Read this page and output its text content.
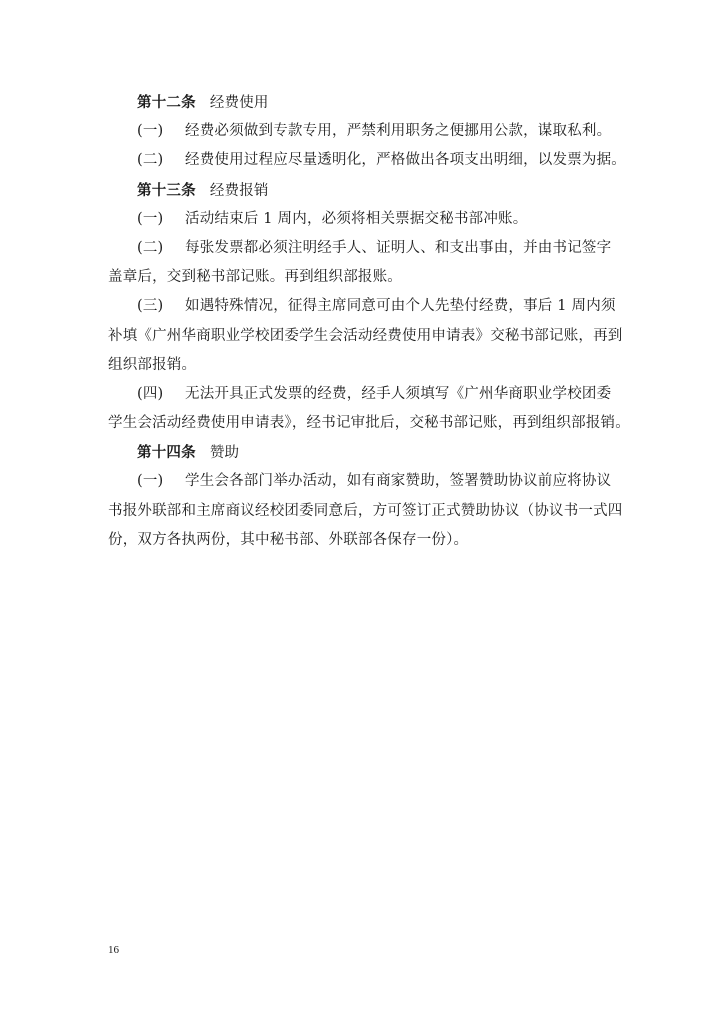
第十二条 经费使用
(一) 经费必须做到专款专用，严禁利用职务之便挪用公款，谋取私利。
(二) 经费使用过程应尽量透明化，严格做出各项支出明细，以发票为据。
第十三条 经费报销
(一) 活动结束后 1 周内，必须将相关票据交秘书部冲账。
(二) 每张发票都必须注明经手人、证明人、和支出事由，并由书记签字
盖章后，交到秘书部记账。再到组织部报账。
(三) 如遇特殊情况，征得主席同意可由个人先垫付经费，事后 1 周内须
补填《广州华商职业学校团委学生会活动经费使用申请表》交秘书部记账，再到
组织部报销。
(四) 无法开具正式发票的经费，经手人须填写《广州华商职业学校团委
学生会活动经费使用申请表》，经书记审批后，交秘书部记账，再到组织部报销。
第十四条 赞助
(一) 学生会各部门举办活动，如有商家赞助，签署赞助协议前应将协议
书报外联部和主席商议经校团委同意后，方可签订正式赞助协议（协议书一式四
份，双方各执两份，其中秘书部、外联部各保存一份）。
16
